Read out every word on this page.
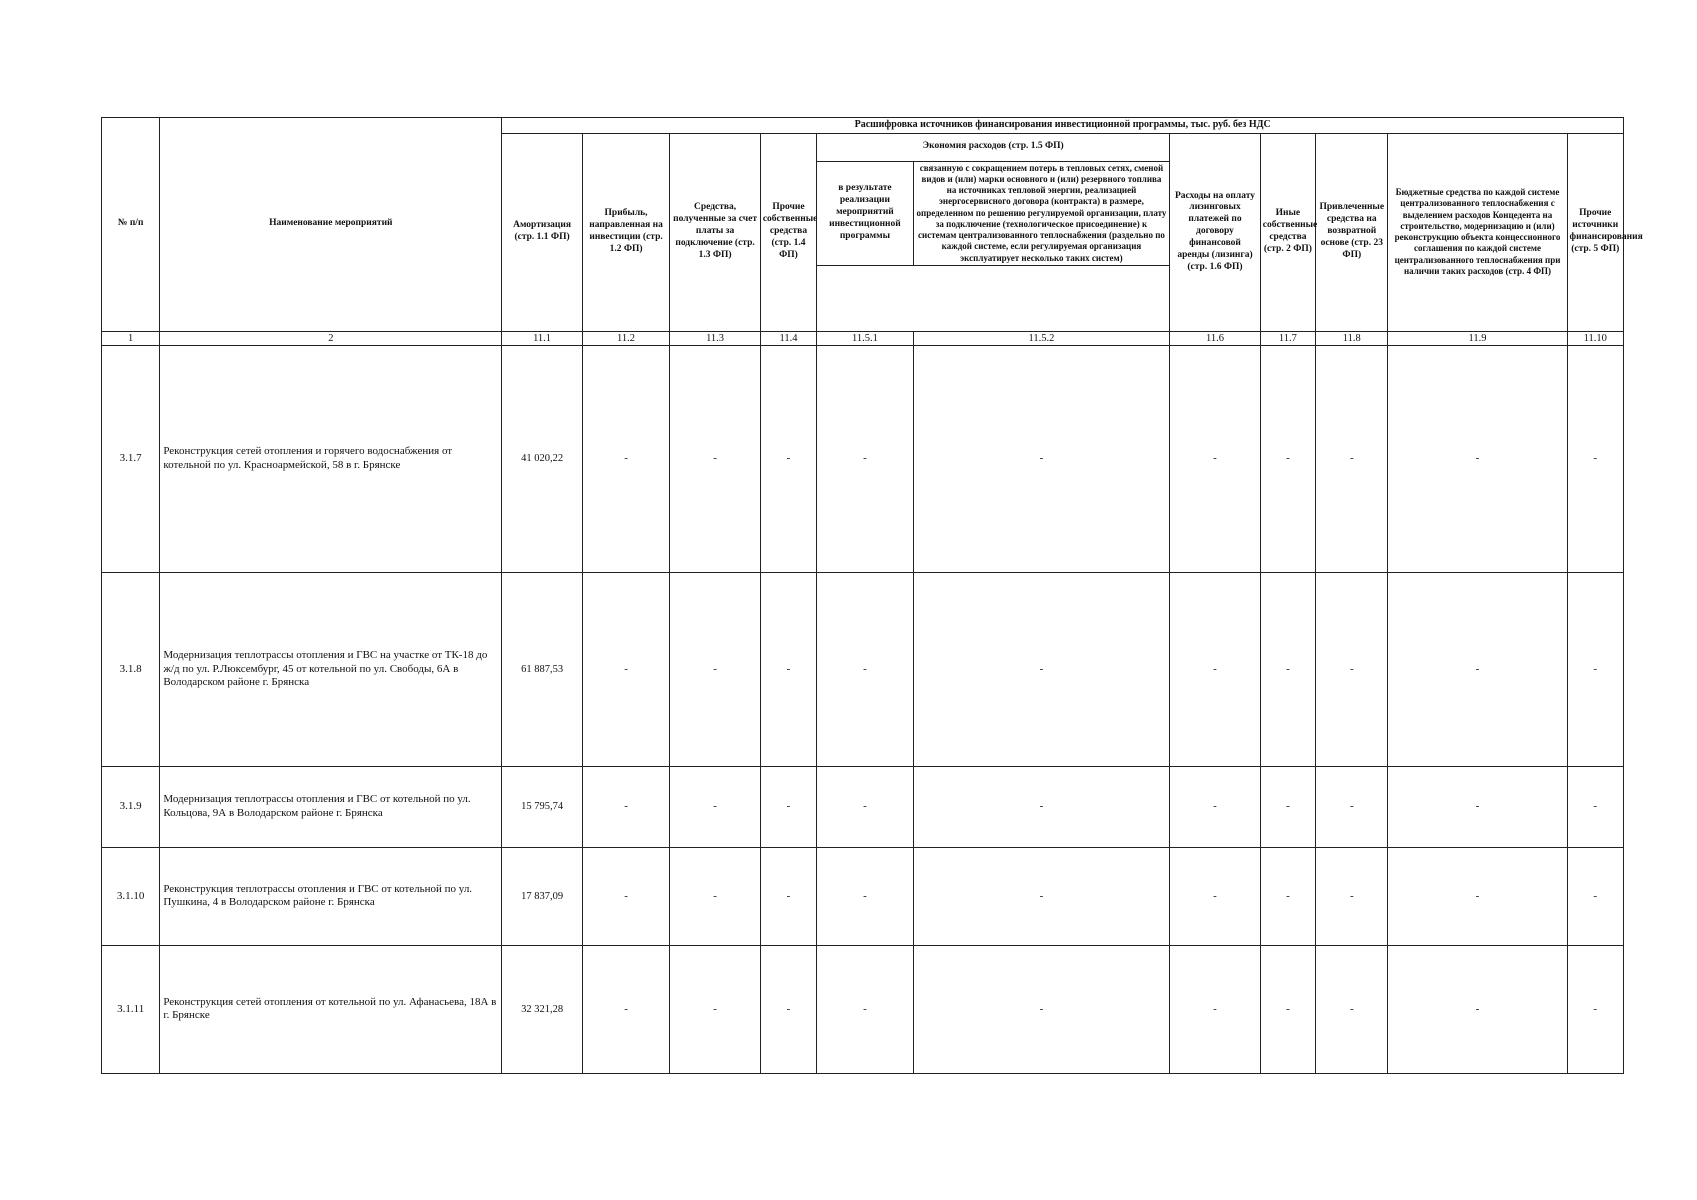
№ п/п	Наименование мероприятий	Расшифровка источников финансирования инвестиционной программы, тыс. руб. без НДС										
		Амортизация (стр. 1.1 ФП)	Прибыль, направленная на инвестиции (стр. 1.2 ФП)	Средства, полученные за счет платы за подключение (стр. 1.3 ФП)	Прочие собственные средства (стр. 1.4 ФП)	Экономия расходов (стр. 1.5 ФП)		Расходы на оплату лизинговых платежей по договору финансовой аренды (лизинга) (стр. 1.6 ФП)	Иные собственные средства (стр. 2 ФП)	Привлеченные средства на возвратной основе (стр. 23 ФП)	Бюджетные средства по каждой системе централизованного теплоснабжения с выделением расходов Концедента на строительство, модернизацию и (или) реконструкцию объекта концессионного соглашения по каждой системе централизованного теплоснабжения при наличии таких расходов (стр. 4 ФП)	Прочие источники финансирования (стр. 5 ФП)
						в результате реализации мероприятий инвестиционной программы	связанную с сокращением потерь в тепловых сетях, сменой видов и (или) марки основного и (или) резервного топлива на источниках тепловой энергии, реализацией энергосервисного договора (контракта) в размере, определенном по решению регулируемой организации, плату за подключение (технологическое присоединение) к системам централизованного теплоснабжения (раздельно по каждой системе, если регулируемая организация эксплуатирует несколько таких систем)					

1	2	11.1	11.2	11.3	11.4	11.5.1	11.5.2	11.6	11.7	11.8	11.9	11.10
3.1.7	Реконструкция сетей отопления и горячего водоснабжения от котельной по ул. Красноармейской, 58 в г. Брянске	41 020,22	-	-	-	-	-	-	-	-	-	-
3.1.8	Модернизация теплотрассы отопления и ГВС на участке от ТК-18 до ж/д по ул. Р.Люксембург, 45 от котельной по ул. Свободы, 6А в Володарском районе г. Брянска	61 887,53	-	-	-	-	-	-	-	-	-	-
3.1.9	Модернизация теплотрассы отопления и ГВС от котельной по ул. Кольцова, 9А в Володарском районе г. Брянска	15 795,74	-	-	-	-	-	-	-	-	-	-
3.1.10	Реконструкция теплотрассы отопления и ГВС от котельной по ул. Пушкина, 4 в Володарском районе г. Брянска	17 837,09	-	-	-	-	-	-	-	-	-	-
3.1.11	Реконструкция сетей отопления от котельной по ул. Афанасьева, 18А в г. Брянске	32 321,28	-	-	-	-	-	-	-	-	-	-
